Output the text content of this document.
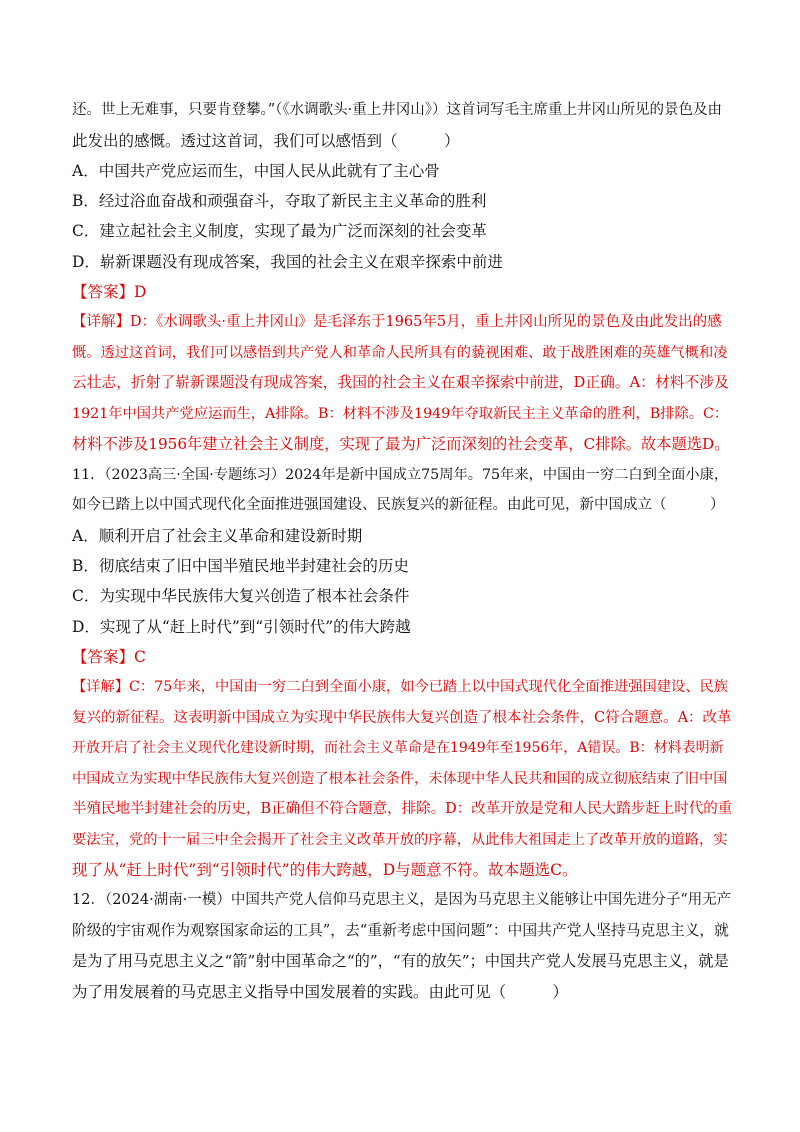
还。世上无难事，只要肯登攀。”（《水调歌头·重上井冈山》）这首词写毛主席重上井冈山所见的景色及由
此发出的感慨。透过这首词，我们可以感悟到（　　　）
A．中国共产党应运而生，中国人民从此就有了主心骨
B．经过浴血奋战和顽强奋斗，夺取了新民主主义革命的胜利
C．建立起社会主义制度，实现了最为广泛而深刻的社会变革
D．崭新课题没有现成答案，我国的社会主义在艰辛探索中前进
【答案】D
【详解】D：《水调歌头·重上井冈山》是毛泽东于1965年5月，重上井冈山所见的景色及由此发出的感
慨。透过这首词，我们可以感悟到共产党人和革命人民所具有的藐视困难、敢于战胜困难的英雄气概和凌
云壮志，折射了崭新课题没有现成答案，我国的社会主义在艰辛探索中前进，D正确。A：材料不涉及
1921年中国共产党应运而生，A排除。B：材料不涉及1949年夺取新民主主义革命的胜利，B排除。C：
材料不涉及1956年建立社会主义制度，实现了最为广泛而深刻的社会变革，C排除。故本题选D。
11．（2023高三·全国·专题练习）2024年是新中国成立75周年。75年来，中国由一穷二白到全面小康，
如今已踏上以中国式现代化全面推进强国建设、民族复兴的新征程。由此可见，新中国成立（　　　）
A．顺利开启了社会主义革命和建设新时期
B．彻底结束了旧中国半殖民地半封建社会的历史
C．为实现中华民族伟大复兴创造了根本社会条件
D．实现了从“赶上时代”到“引领时代”的伟大跨越
【答案】C
【详解】C：75年来，中国由一穷二白到全面小康，如今已踏上以中国式现代化全面推进强国建设、民族
复兴的新征程。这表明新中国成立为实现中华民族伟大复兴创造了根本社会条件，C符合题意。A：改革
开放开启了社会主义现代化建设新时期，而社会主义革命是在1949年至1956年，A错误。B：材料表明新
中国成立为实现中华民族伟大复兴创造了根本社会条件，未体现中华人民共和国的成立彻底结束了旧中国
半殖民地半封建社会的历史，B正确但不符合题意，排除。D：改革开放是党和人民大踏步赶上时代的重
要法宝，党的十一届三中全会揭开了社会主义改革开放的序幕，从此伟大祖国走上了改革开放的道路，实
现了从“赶上时代”到“引领时代”的伟大跨越，D与题意不符。故本题选C。
12．（2024·湖南·一模）中国共产党人信仰马克思主义，是因为马克思主义能够让中国先进分子“用无产
阶级的宇宙观作为观察国家命运的工具”，去“重新考虑中国问题”：中国共产党人坚持马克思主义，就
是为了用马克思主义之“箭”射中国革命之“的”，“有的放矢”；中国共产党人发展马克思主义，就是
为了用发展着的马克思主义指导中国发展着的实践。由此可见（　　　）
